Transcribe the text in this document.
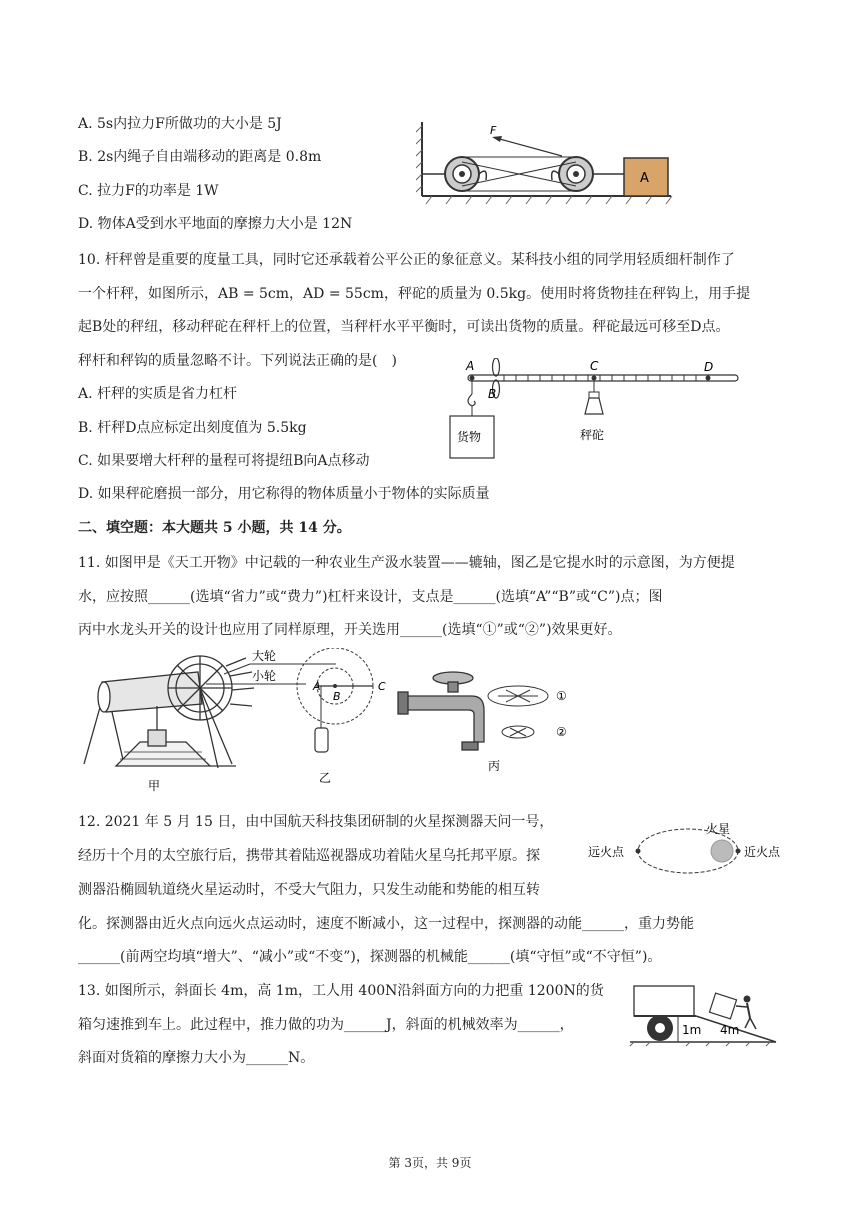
A. 5s内拉力F所做功的大小是 5J
B. 2s内绳子自由端移动的距离是 0.8m
C. 拉力F的功率是 1W
D. 物体A受到水平地面的摩擦力大小是 12N
F
A
10. 杆秤曾是重要的度量工具，同时它还承载着公平公正的象征意义。某科技小组的同学用轻质细杆制作了
一个杆秤，如图所示，AB = 5cm，AD = 55cm，秤砣的质量为 0.5kg。使用时将货物挂在秤钩上，用手提
起B处的秤纽，移动秤砣在秤杆上的位置，当秤杆水平平衡时，可读出货物的质量。秤砣最远可移至D点。
秤杆和秤钩的质量忽略不计。下列说法正确的是(　)
A. 杆秤的实质是省力杠杆
B. 杆秤D点应标定出刻度值为 5.5kg
C. 如果要增大杆秤的量程可将提纽B向A点移动
D. 如果秤砣磨损一部分，用它称得的物体质量小于物体的实际质量
A
B
C	D
货物	秤砣
二、填空题：本大题共 5 小题，共 14 分。
11. 如图甲是《天工开物》中记载的一种农业生产汲水装置——辘轴，图乙是它提水时的示意图，为方便提
水，应按照______(选填“省力”或“费力”)杠杆来设计，支点是______(选填“A”“B”或“C”)点；图
丙中水龙头开关的设计也应用了同样原理，开关选用______(选填“①”或“②”)效果更好。
甲
大轮
小轮
A
B
C
乙
丙
①
②
12. 2021 年 5 月 15 日，由中国航天科技集团研制的火星探测器天问一号，
经历十个月的太空旅行后，携带其着陆巡视器成功着陆火星乌托邦平原。探
测器沿椭圆轨道绕火星运动时，不受大气阻力，只发生动能和势能的相互转
化。探测器由近火点向远火点运动时，速度不断减小，这一过程中，探测器的动能______，重力势能
______(前两空均填“增大”、“减小”或“不变”)，探测器的机械能______(填“守恒”或“不守恒”)。
火星
远火点	近火点
13. 如图所示，斜面长 4m，高 1m，工人用 400N沿斜面方向的力把重 1200N的货
箱匀速推到车上。此过程中，推力做的功为______J，斜面的机械效率为______，
斜面对货箱的摩擦力大小为______N。
1m 4m
第 3页，共 9页
